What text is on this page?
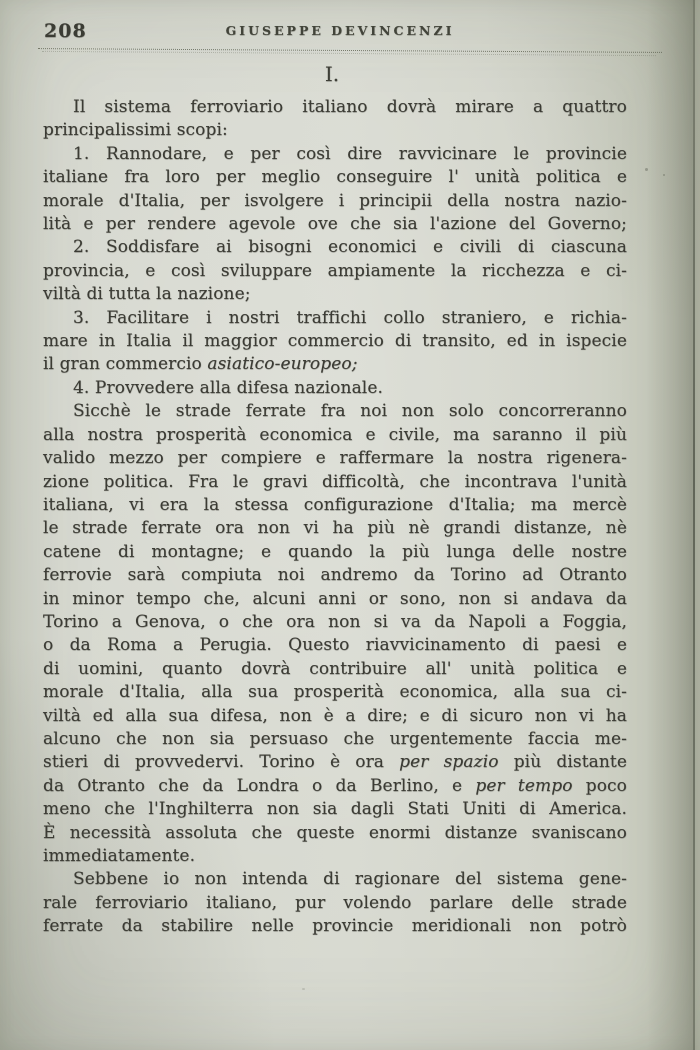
208	GIUSEPPE DEVINCENZI
I.
Il sistema ferroviario italiano dovrà mirare a quattro
principalissimi scopi:
1. Rannodare, e per così dire ravvicinare le provincie
italiane fra loro per meglio conseguire l' unità politica e
morale d'Italia, per isvolgere i principii della nostra nazio-
lità e per rendere agevole ove che sia l'azione del Governo;
2. Soddisfare ai bisogni economici e civili di ciascuna
provincia, e così sviluppare ampiamente la ricchezza e ci-
viltà di tutta la nazione;
3. Facilitare i nostri traffichi collo straniero, e richia-
mare in Italia il maggior commercio di transito, ed in ispecie
il gran commercio asiatico-europeo;
4. Provvedere alla difesa nazionale.
Sicchè le strade ferrate fra noi non solo concorreranno
alla nostra prosperità economica e civile, ma saranno il più
valido mezzo per compiere e raffermare la nostra rigenera-
zione politica. Fra le gravi difficoltà, che incontrava l'unità
italiana, vi era la stessa configurazione d'Italia; ma mercè
le strade ferrate ora non vi ha più nè grandi distanze, nè
catene di montagne; e quando la più lunga delle nostre
ferrovie sarà compiuta noi andremo da Torino ad Otranto
in minor tempo che, alcuni anni or sono, non si andava da
Torino a Genova, o che ora non si va da Napoli a Foggia,
o da Roma a Perugia. Questo riavvicinamento di paesi e
di uomini, quanto dovrà contribuire all' unità politica e
morale d'Italia, alla sua prosperità economica, alla sua ci-
viltà ed alla sua difesa, non è a dire; e di sicuro non vi ha
alcuno che non sia persuaso che urgentemente faccia me-
stieri di provvedervi. Torino è ora per spazio più distante
da Otranto che da Londra o da Berlino, e per tempo poco
meno che l'Inghilterra non sia dagli Stati Uniti di America.
È necessità assoluta che queste enormi distanze svaniscano
immediatamente.
Sebbene io non intenda di ragionare del sistema gene-
rale ferroviario italiano, pur volendo parlare delle strade
ferrate da stabilire nelle provincie meridionali non potrò
